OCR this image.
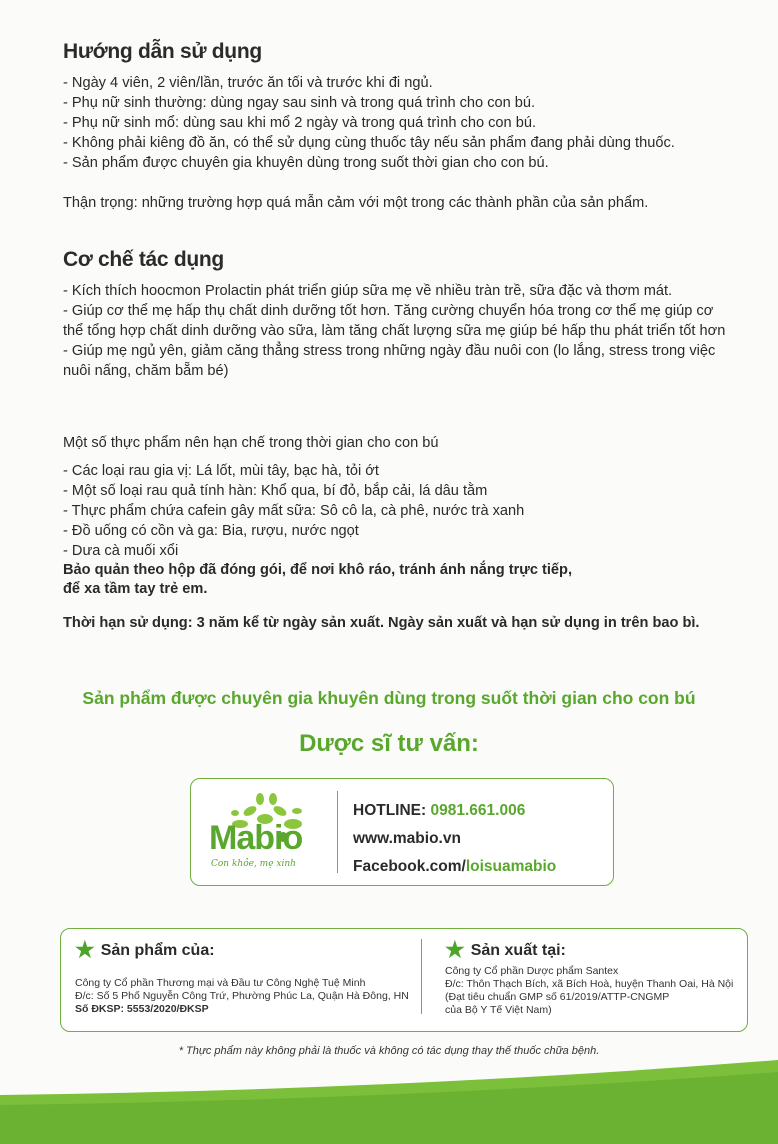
Hướng dẫn sử dụng
- Ngày 4 viên, 2 viên/lần, trước ăn tối và trước khi đi ngủ.
- Phụ nữ sinh thường: dùng ngay sau sinh và trong quá trình cho con bú.
- Phụ nữ sinh mổ: dùng sau khi mổ 2 ngày và trong quá trình cho con bú.
- Không phải kiêng đồ ăn, có thể sử dụng cùng thuốc tây nếu sản phẩm đang phải dùng thuốc.
- Sản phẩm được chuyên gia khuyên dùng trong suốt thời gian cho con bú.
Thận trọng: những trường hợp quá mẫn cảm với một trong các thành phần của sản phẩm.
Cơ chế tác dụng
- Kích thích hoocmon Prolactin phát triển giúp sữa mẹ về nhiều tràn trề, sữa đặc và thơm mát.
- Giúp cơ thể mẹ hấp thụ chất dinh dưỡng tốt hơn. Tăng cường chuyển hóa trong cơ thể mẹ giúp cơ thể tổng hợp chất dinh dưỡng vào sữa, làm tăng chất lượng sữa mẹ giúp bé hấp thu phát triển tốt hơn
- Giúp mẹ ngủ yên, giảm căng thẳng stress trong những ngày đầu nuôi con (lo lắng, stress trong việc nuôi nấng, chăm bẵm bé)
Một số thực phẩm nên hạn chế trong thời gian cho con bú
- Các loại rau gia vị: Lá lốt, mùi tây, bạc hà, tỏi ớt
- Một số loại rau quả tính hàn: Khổ qua, bí đỏ, bắp cải, lá dâu tằm
- Thực phẩm chứa cafein gây mất sữa: Sô cô la, cà phê, nước trà xanh
- Đồ uống có cồn và ga: Bia, rượu, nước ngọt
- Dưa cà muối xổi
Bảo quản theo hộp đã đóng gói, để nơi khô ráo, tránh ánh nắng trực tiếp,
để xa tầm tay trẻ em.
Thời hạn sử dụng: 3 năm kể từ ngày sản xuất. Ngày sản xuất và hạn sử dụng in trên bao bì.
Sản phẩm được chuyên gia khuyên dùng trong suốt thời gian cho con bú
Dược sĩ tư vấn:
Mabio
Con khỏe, mẹ xinh
HOTLINE: 0981.661.006
www.mabio.vn
Facebook.com/loisuamabio
★ Sản phẩm của:
Công ty Cổ phần Thương mại và Đầu tư Công Nghệ Tuệ Minh
Đ/c: Số 5 Phố Nguyễn Công Trứ, Phường Phúc La, Quận Hà Đông, HN
Số ĐKSP: 5553/2020/ĐKSP
★ Sản xuất tại:
Công ty Cổ phần Dược phẩm Santex
Đ/c: Thôn Thạch Bích, xã Bích Hoà, huyện Thanh Oai, Hà Nội
(Đạt tiêu chuẩn GMP số 61/2019/ATTP-CNGMP
của Bộ Y Tế Việt Nam)
* Thực phẩm này không phải là thuốc và không có tác dụng thay thế thuốc chữa bệnh.
